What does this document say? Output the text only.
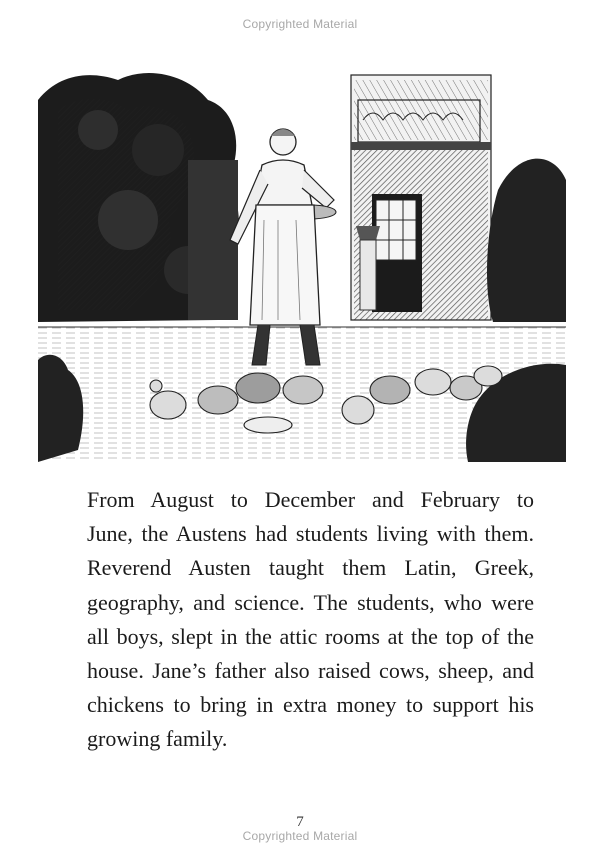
Copyrighted Material
From August to December and February to
June, the Austens had students living with them.
Reverend Austen taught them Latin, Greek,
geography, and science. The students, who were
all boys, slept in the attic rooms at the top of the
house. Jane’s father also raised cows, sheep, and
chickens to bring in extra money to support his
growing family.
7
Copyrighted Material
